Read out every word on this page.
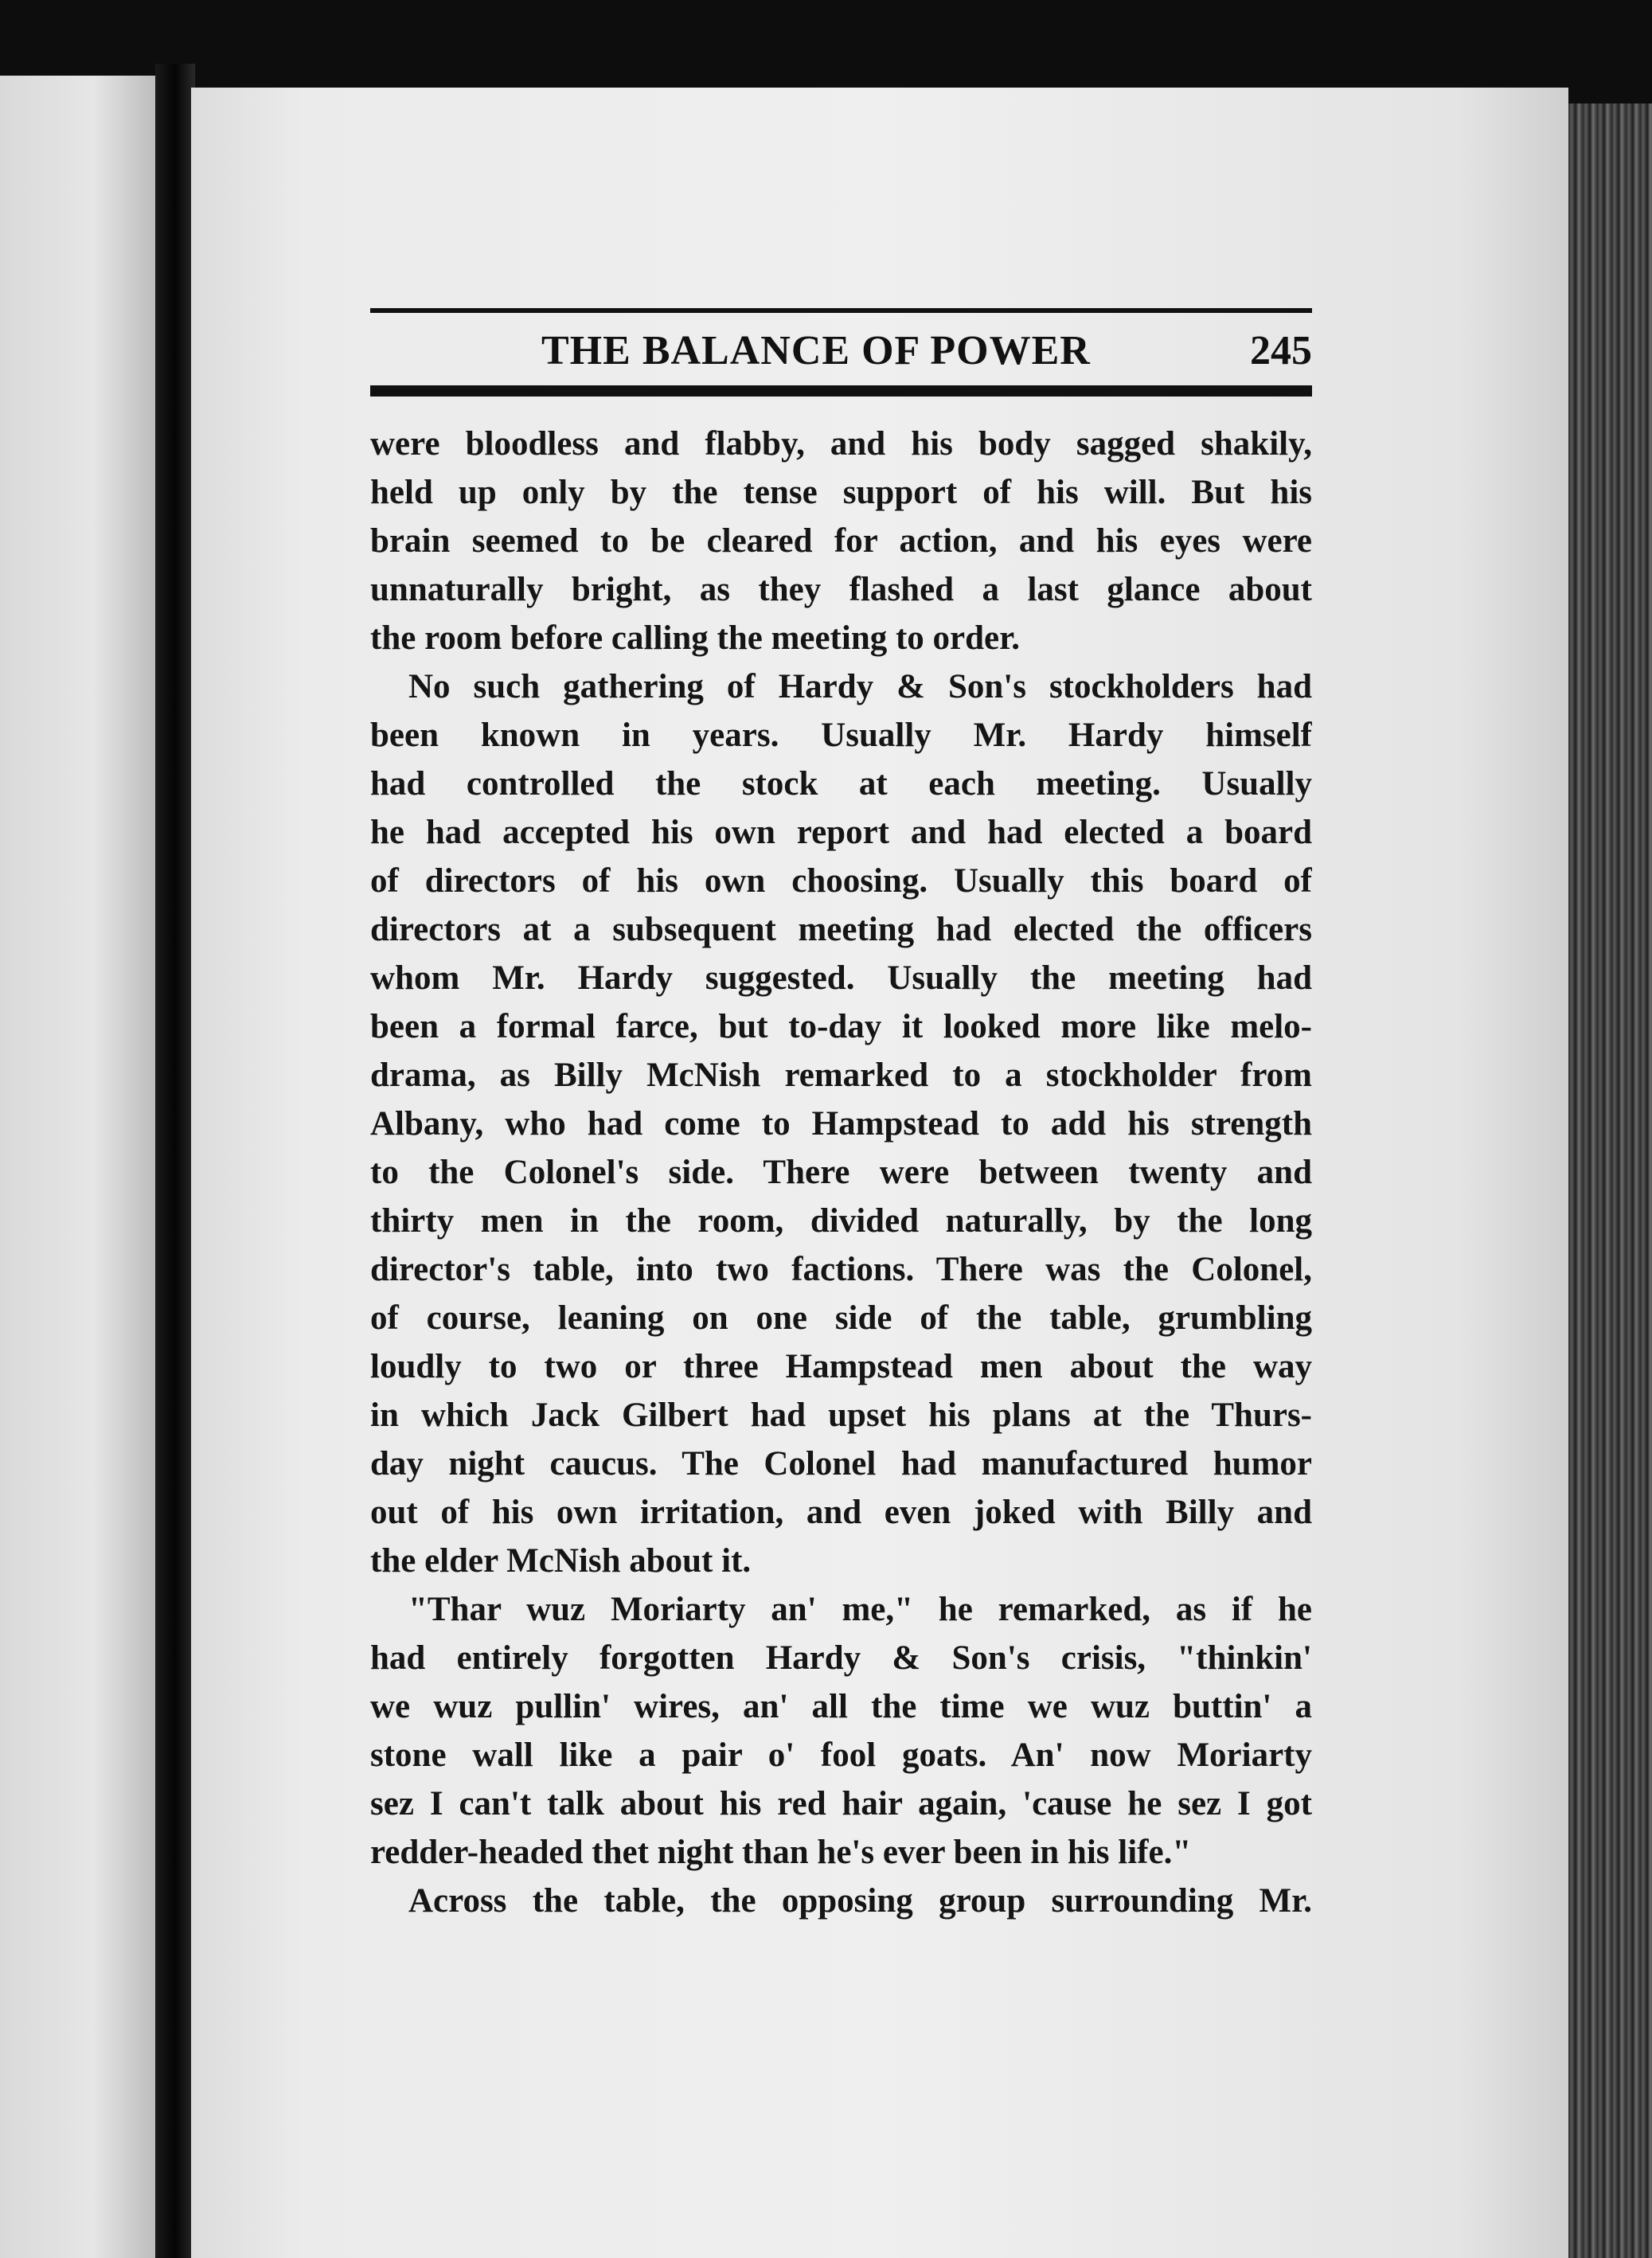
THE BALANCE OF POWER	245
were bloodless and flabby, and his body sagged shakily,
held up only by the tense support of his will. But his
brain seemed to be cleared for action, and his eyes were
unnaturally bright, as they flashed a last glance about
the room before calling the meeting to order.
No such gathering of Hardy & Son's stockholders had
been known in years. Usually Mr. Hardy himself
had controlled the stock at each meeting. Usually
he had accepted his own report and had elected a board
of directors of his own choosing. Usually this board of
directors at a subsequent meeting had elected the officers
whom Mr. Hardy suggested. Usually the meeting had
been a formal farce, but to-day it looked more like melo-
drama, as Billy McNish remarked to a stockholder from
Albany, who had come to Hampstead to add his strength
to the Colonel's side. There were between twenty and
thirty men in the room, divided naturally, by the long
director's table, into two factions. There was the Colonel,
of course, leaning on one side of the table, grumbling
loudly to two or three Hampstead men about the way
in which Jack Gilbert had upset his plans at the Thurs-
day night caucus. The Colonel had manufactured humor
out of his own irritation, and even joked with Billy and
the elder McNish about it.
"Thar wuz Moriarty an' me," he remarked, as if he
had entirely forgotten Hardy & Son's crisis, "thinkin'
we wuz pullin' wires, an' all the time we wuz buttin' a
stone wall like a pair o' fool goats. An' now Moriarty
sez I can't talk about his red hair again, 'cause he sez I got
redder-headed thet night than he's ever been in his life."
Across the table, the opposing group surrounding Mr.
